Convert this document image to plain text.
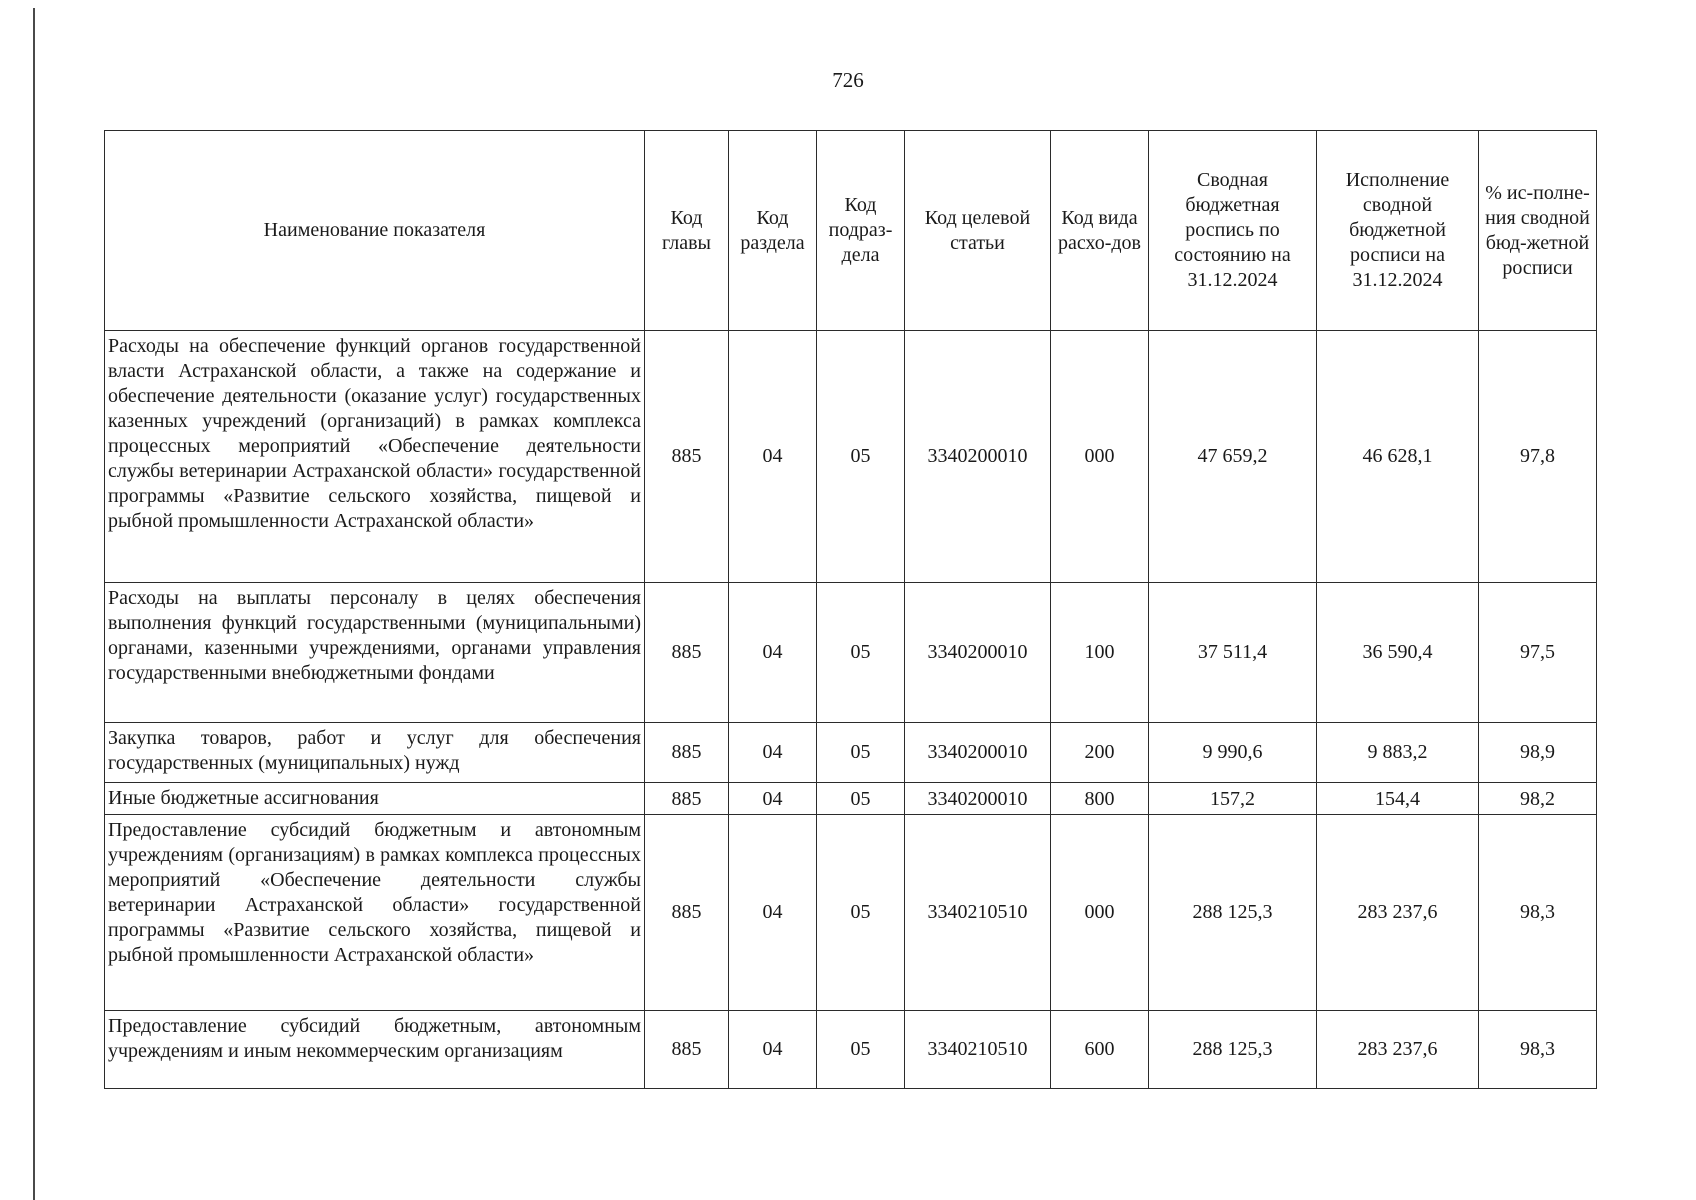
726
Наименование показателя	Код главы	Код раздела	Код подраз-дела	Код целевой статьи	Код вида расхо-дов	Сводная бюджетная роспись по состоянию на 31.12.2024	Исполнение сводной бюджетной росписи на 31.12.2024	% ис-полне-ния сводной бюд-жетной росписи
Расходы на обеспечение функций органов государственной власти Астраханской области, а также на содержание и обеспечение деятельности (оказание услуг) государственных казенных учреждений (организаций) в рамках комплекса процессных мероприятий «Обеспечение деятельности службы ветеринарии Астраханской области» государственной программы «Развитие сельского хозяйства, пищевой и рыбной промышленности Астраханской области»	885	04	05	3340200010	000	47 659,2	46 628,1	97,8
Расходы на выплаты персоналу в целях обеспечения выполнения функций государственными (муниципальными) органами, казенными учреждениями, органами управления государственными внебюджетными фондами	885	04	05	3340200010	100	37 511,4	36 590,4	97,5
Закупка товаров, работ и услуг для обеспечения государственных (муниципальных) нужд	885	04	05	3340200010	200	9 990,6	9 883,2	98,9
Иные бюджетные ассигнования	885	04	05	3340200010	800	157,2	154,4	98,2
Предоставление субсидий бюджетным и автономным учреждениям (организациям) в рамках комплекса процессных мероприятий «Обеспечение деятельности службы ветеринарии Астраханской области» государственной программы «Развитие сельского хозяйства, пищевой и рыбной промышленности Астраханской области»	885	04	05	3340210510	000	288 125,3	283 237,6	98,3
Предоставление субсидий бюджетным, автономным учреждениям и иным некоммерческим организациям	885	04	05	3340210510	600	288 125,3	283 237,6	98,3
